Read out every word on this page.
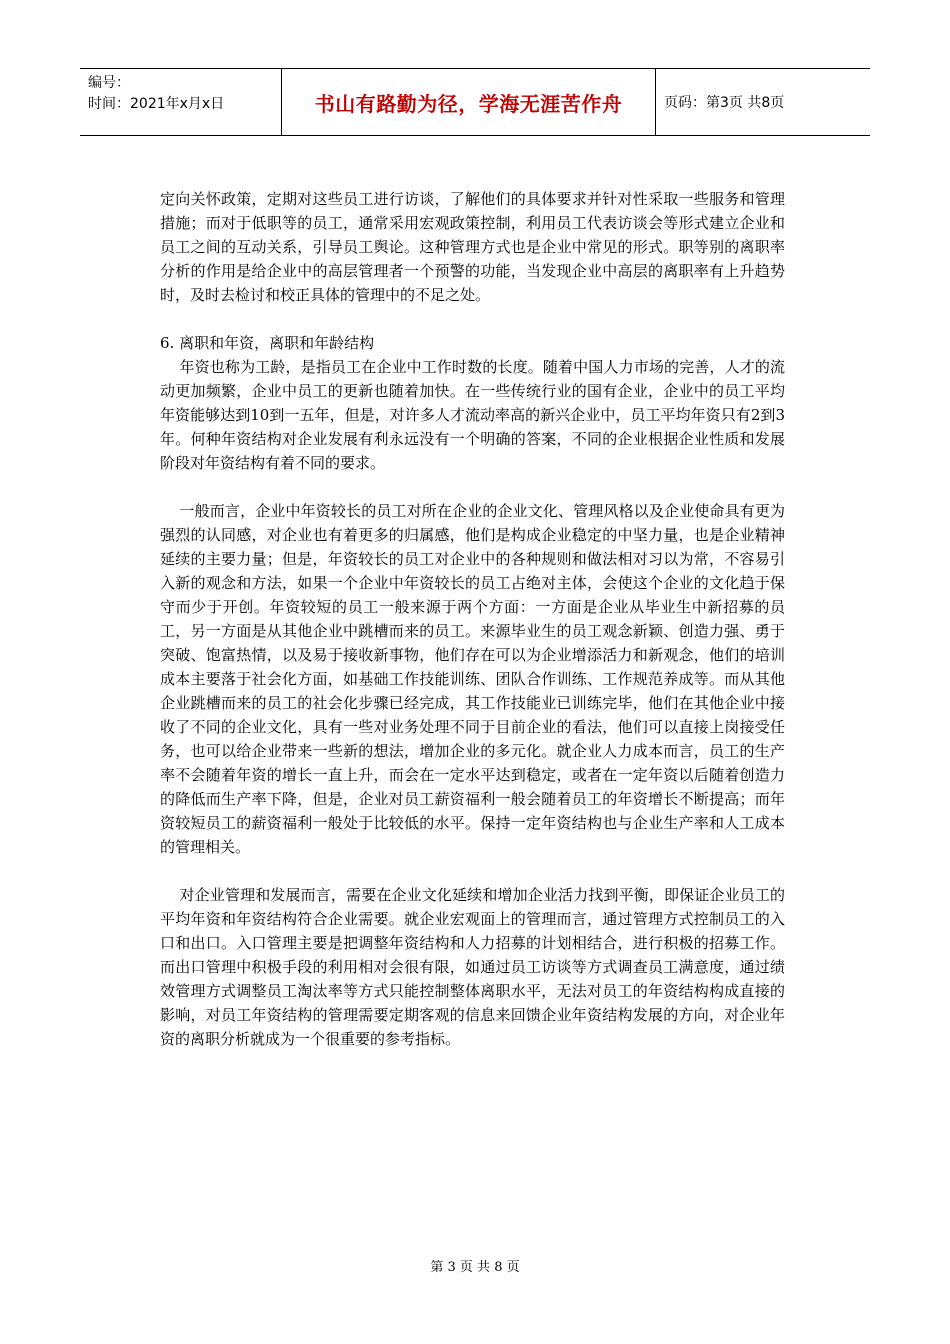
编号：
时间：2021年x月x日	书山有路勤为径，学海无涯苦作舟	页码：第3页 共8页

定向关怀政策，定期对这些员工进行访谈，了解他们的具体要求并针对性采取一些服务和管理措施；而对于低职等的员工，通常采用宏观政策控制，利用员工代表访谈会等形式建立企业和员工之间的互动关系，引导员工舆论。这种管理方式也是企业中常见的形式。职等别的离职率分析的作用是给企业中的高层管理者一个预警的功能，当发现企业中高层的离职率有上升趋势时，及时去检讨和校正具体的管理中的不足之处。

6. 离职和年资，离职和年龄结构

年资也称为工龄，是指员工在企业中工作时数的长度。随着中国人力市场的完善，人才的流动更加频繁，企业中员工的更新也随着加快。在一些传统行业的国有企业，企业中的员工平均年资能够达到10到一五年，但是，对许多人才流动率高的新兴企业中，员工平均年资只有2到3年。何种年资结构对企业发展有利永远没有一个明确的答案，不同的企业根据企业性质和发展阶段对年资结构有着不同的要求。

一般而言，企业中年资较长的员工对所在企业的企业文化、管理风格以及企业使命具有更为强烈的认同感，对企业也有着更多的归属感，他们是构成企业稳定的中坚力量，也是企业精神延续的主要力量；但是，年资较长的员工对企业中的各种规则和做法相对习以为常，不容易引入新的观念和方法，如果一个企业中年资较长的员工占绝对主体，会使这个企业的文化趋于保守而少于开创。年资较短的员工一般来源于两个方面：一方面是企业从毕业生中新招募的员工，另一方面是从其他企业中跳槽而来的员工。来源毕业生的员工观念新颖、创造力强、勇于突破、饱富热情，以及易于接收新事物，他们存在可以为企业增添活力和新观念，他们的培训成本主要落于社会化方面，如基础工作技能训练、团队合作训练、工作规范养成等。而从其他企业跳槽而来的员工的社会化步骤已经完成，其工作技能业已训练完毕，他们在其他企业中接收了不同的企业文化，具有一些对业务处理不同于目前企业的看法，他们可以直接上岗接受任务，也可以给企业带来一些新的想法，增加企业的多元化。就企业人力成本而言，员工的生产率不会随着年资的增长一直上升，而会在一定水平达到稳定，或者在一定年资以后随着创造力的降低而生产率下降，但是，企业对员工薪资福利一般会随着员工的年资增长不断提高；而年资较短员工的薪资福利一般处于比较低的水平。保持一定年资结构也与企业生产率和人工成本的管理相关。

对企业管理和发展而言，需要在企业文化延续和增加企业活力找到平衡，即保证企业员工的平均年资和年资结构符合企业需要。就企业宏观面上的管理而言，通过管理方式控制员工的入口和出口。入口管理主要是把调整年资结构和人力招募的计划相结合，进行积极的招募工作。而出口管理中积极手段的利用相对会很有限，如通过员工访谈等方式调查员工满意度，通过绩效管理方式调整员工淘汰率等方式只能控制整体离职水平，无法对员工的年资结构构成直接的影响，对员工年资结构的管理需要定期客观的信息来回馈企业年资结构发展的方向，对企业年资的离职分析就成为一个很重要的参考指标。

第 3 页 共 8 页
